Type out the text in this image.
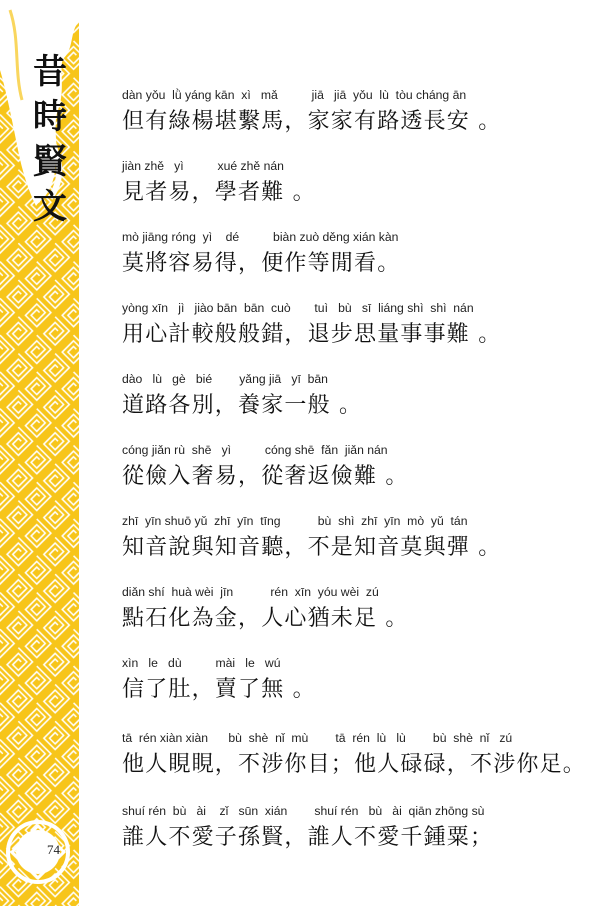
昔
時
賢
文
74
dàn yǒu  lǜ yáng kān  xì   mǎ          jiā   jiā  yǒu  lù  tòu cháng ān
但有綠楊堪繫馬，家家有路透長安 。
jiàn zhě   yì          xué zhě nán
見者易，學者難 。
mò jiāng róng  yì    dé          biàn zuò děng xián kàn
莫將容易得，便作等閒看。
yòng xīn   jì   jiào bān  bān  cuò       tuì   bù   sī  liáng shì  shì  nán
用心計較般般錯，退步思量事事難 。
dào   lù   gè   bié        yǎng jiā   yī  bān
道路各別，養家一般 。
cóng jiǎn rù  shē   yì          cóng shē  fǎn  jiǎn nán
從儉入奢易，從奢返儉難 。
zhī  yīn shuō yǔ  zhī  yīn  tīng           bù  shì  zhī  yīn  mò  yǔ  tán
知音說與知音聽，不是知音莫與彈 。
diǎn shí  huà wèi  jīn           rén  xīn  yóu wèi  zú
點石化為金，人心猶未足 。
xìn   le   dù          mài   le   wú
信了肚，賣了無 。
tā  rén xiàn xiàn      bù  shè  nǐ  mù        tā  rén  lù   lù        bù  shè  nǐ   zú
他人睍睍，不涉你目；他人碌碌，不涉你足。
shuí rén  bù   ài    zǐ   sūn  xián        shuí rén   bù   ài  qiān zhōng sù
誰人不愛子孫賢，誰人不愛千鍾粟；
